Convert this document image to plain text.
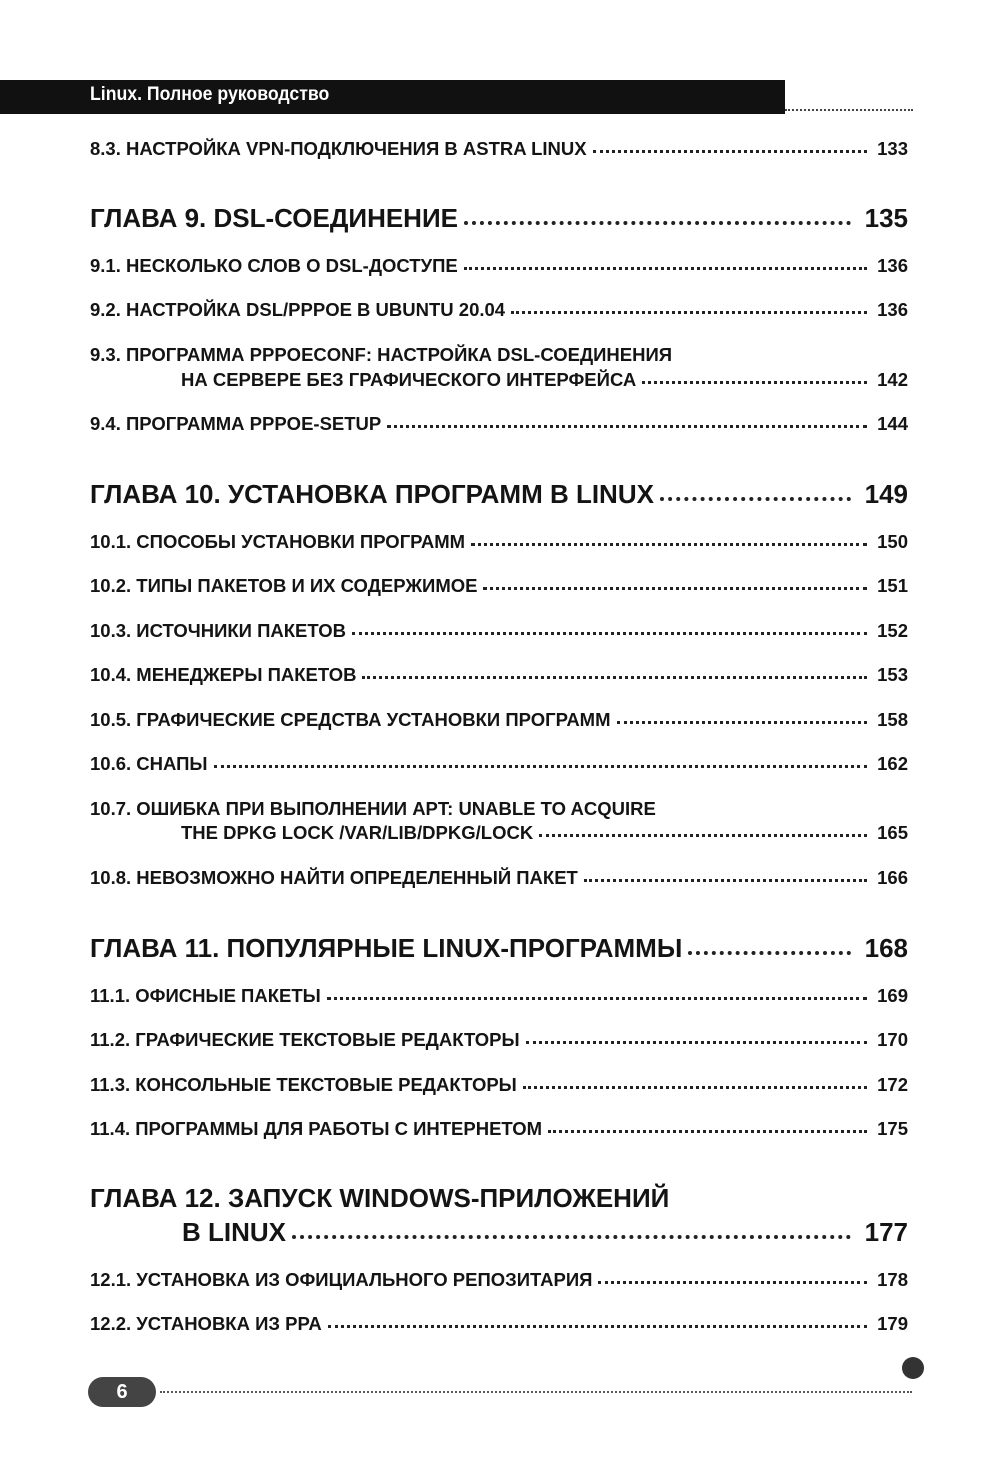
Linux. Полное руководство
8.3. НАСТРОЙКА VPN-ПОДКЛЮЧЕНИЯ В ASTRA LINUX	133
ГЛАВА 9. DSL-СОЕДИНЕНИЕ	135
9.1. НЕСКОЛЬКО СЛОВ О DSL-ДОСТУПЕ	136
9.2. НАСТРОЙКА DSL/PPPOE В UBUNTU 20.04	136
9.3. ПРОГРАММА PPPOECONF: НАСТРОЙКА DSL-СОЕДИНЕНИЯ
НА СЕРВЕРЕ БЕЗ ГРАФИЧЕСКОГО ИНТЕРФЕЙСА	142
9.4. ПРОГРАММА PPPOE-SETUP	144
ГЛАВА 10. УСТАНОВКА ПРОГРАММ В LINUX	149
10.1. СПОСОБЫ УСТАНОВКИ ПРОГРАММ	150
10.2. ТИПЫ ПАКЕТОВ И ИХ СОДЕРЖИМОЕ	151
10.3. ИСТОЧНИКИ ПАКЕТОВ	152
10.4. МЕНЕДЖЕРЫ ПАКЕТОВ	153
10.5. ГРАФИЧЕСКИЕ СРЕДСТВА УСТАНОВКИ ПРОГРАММ	158
10.6. СНАПЫ	162
10.7. ОШИБКА ПРИ ВЫПОЛНЕНИИ APT: UNABLE TO ACQUIRE
THE DPKG LOCK /VAR/LIB/DPKG/LOCK	165
10.8. НЕВОЗМОЖНО НАЙТИ ОПРЕДЕЛЕННЫЙ ПАКЕТ	166
ГЛАВА 11. ПОПУЛЯРНЫЕ LINUX-ПРОГРАММЫ	168
11.1. ОФИСНЫЕ ПАКЕТЫ	169
11.2. ГРАФИЧЕСКИЕ ТЕКСТОВЫЕ РЕДАКТОРЫ	170
11.3. КОНСОЛЬНЫЕ ТЕКСТОВЫЕ РЕДАКТОРЫ	172
11.4. ПРОГРАММЫ ДЛЯ РАБОТЫ С ИНТЕРНЕТОМ	175
ГЛАВА 12. ЗАПУСК WINDOWS-ПРИЛОЖЕНИЙ
В LINUX	177
12.1. УСТАНОВКА ИЗ ОФИЦИАЛЬНОГО РЕПОЗИТАРИЯ	178
12.2. УСТАНОВКА ИЗ PPA	179
6
